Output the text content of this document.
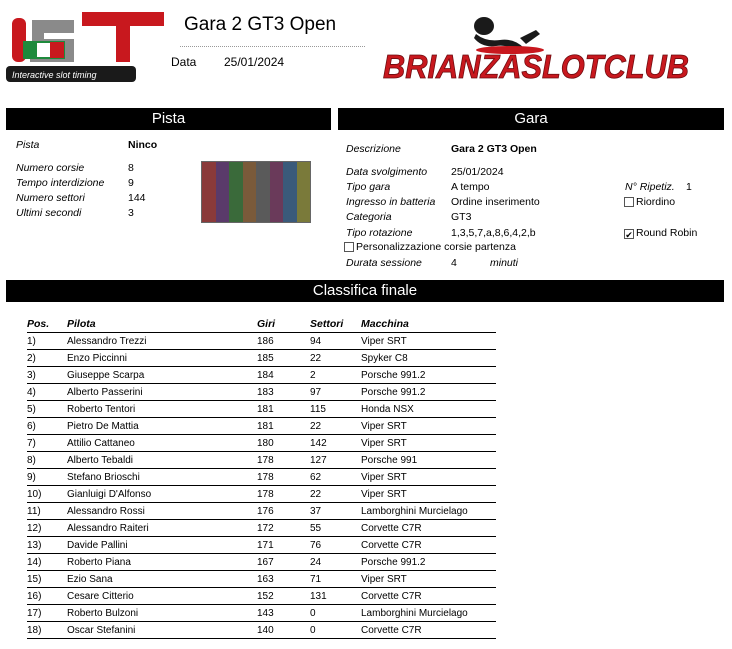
Interactive slot timing
Gara 2 GT3 Open
Data 25/01/2024	BRIANZASLOTCLUB
Pista	Gara
Pista	Ninco
Numero corsie	8
Tempo interdizione 9
Numero settori	144
Ultimi secondi	3
Descrizione	Gara 2 GT3 Open
Data svolgimento 25/01/2024
Tipo gara	A tempo
Ingresso in batteria Ordine inserimento
Categoria	GT3
Tipo rotazione	1,3,5,7,a,8,6,4,2,b
Personalizzazione corsie partenza
Durata sessione	4	minuti
N° Ripetiz. 1
Riordino
✔ Round Robin
Classifica finale
Pos.	Pilota	Giri	Settori	Macchina
1)	Alessandro Trezzi	186	94	Viper SRT
2)	Enzo Piccinni	185	22	Spyker C8
3)	Giuseppe Scarpa	184	2	Porsche 991.2
4)	Alberto Passerini	183	97	Porsche 991.2
5)	Roberto Tentori	181	115	Honda NSX
6)	Pietro De Mattia	181	22	Viper SRT
7)	Attilio Cattaneo	180	142	Viper SRT
8)	Alberto Tebaldi	178	127	Porsche 991
9)	Stefano Brioschi	178	62	Viper SRT
10)	Gianluigi D'Alfonso	178	22	Viper SRT
11)	Alessandro Rossi	176	37	Lamborghini Murcielago
12)	Alessandro Raiteri	172	55	Corvette C7R
13)	Davide Pallini	171	76	Corvette C7R
14)	Roberto Piana	167	24	Porsche 991.2
15)	Ezio Sana	163	71	Viper SRT
16)	Cesare Citterio	152	131	Corvette C7R
17)	Roberto Bulzoni	143	0	Lamborghini Murcielago
18)	Oscar Stefanini	140	0	Corvette C7R
